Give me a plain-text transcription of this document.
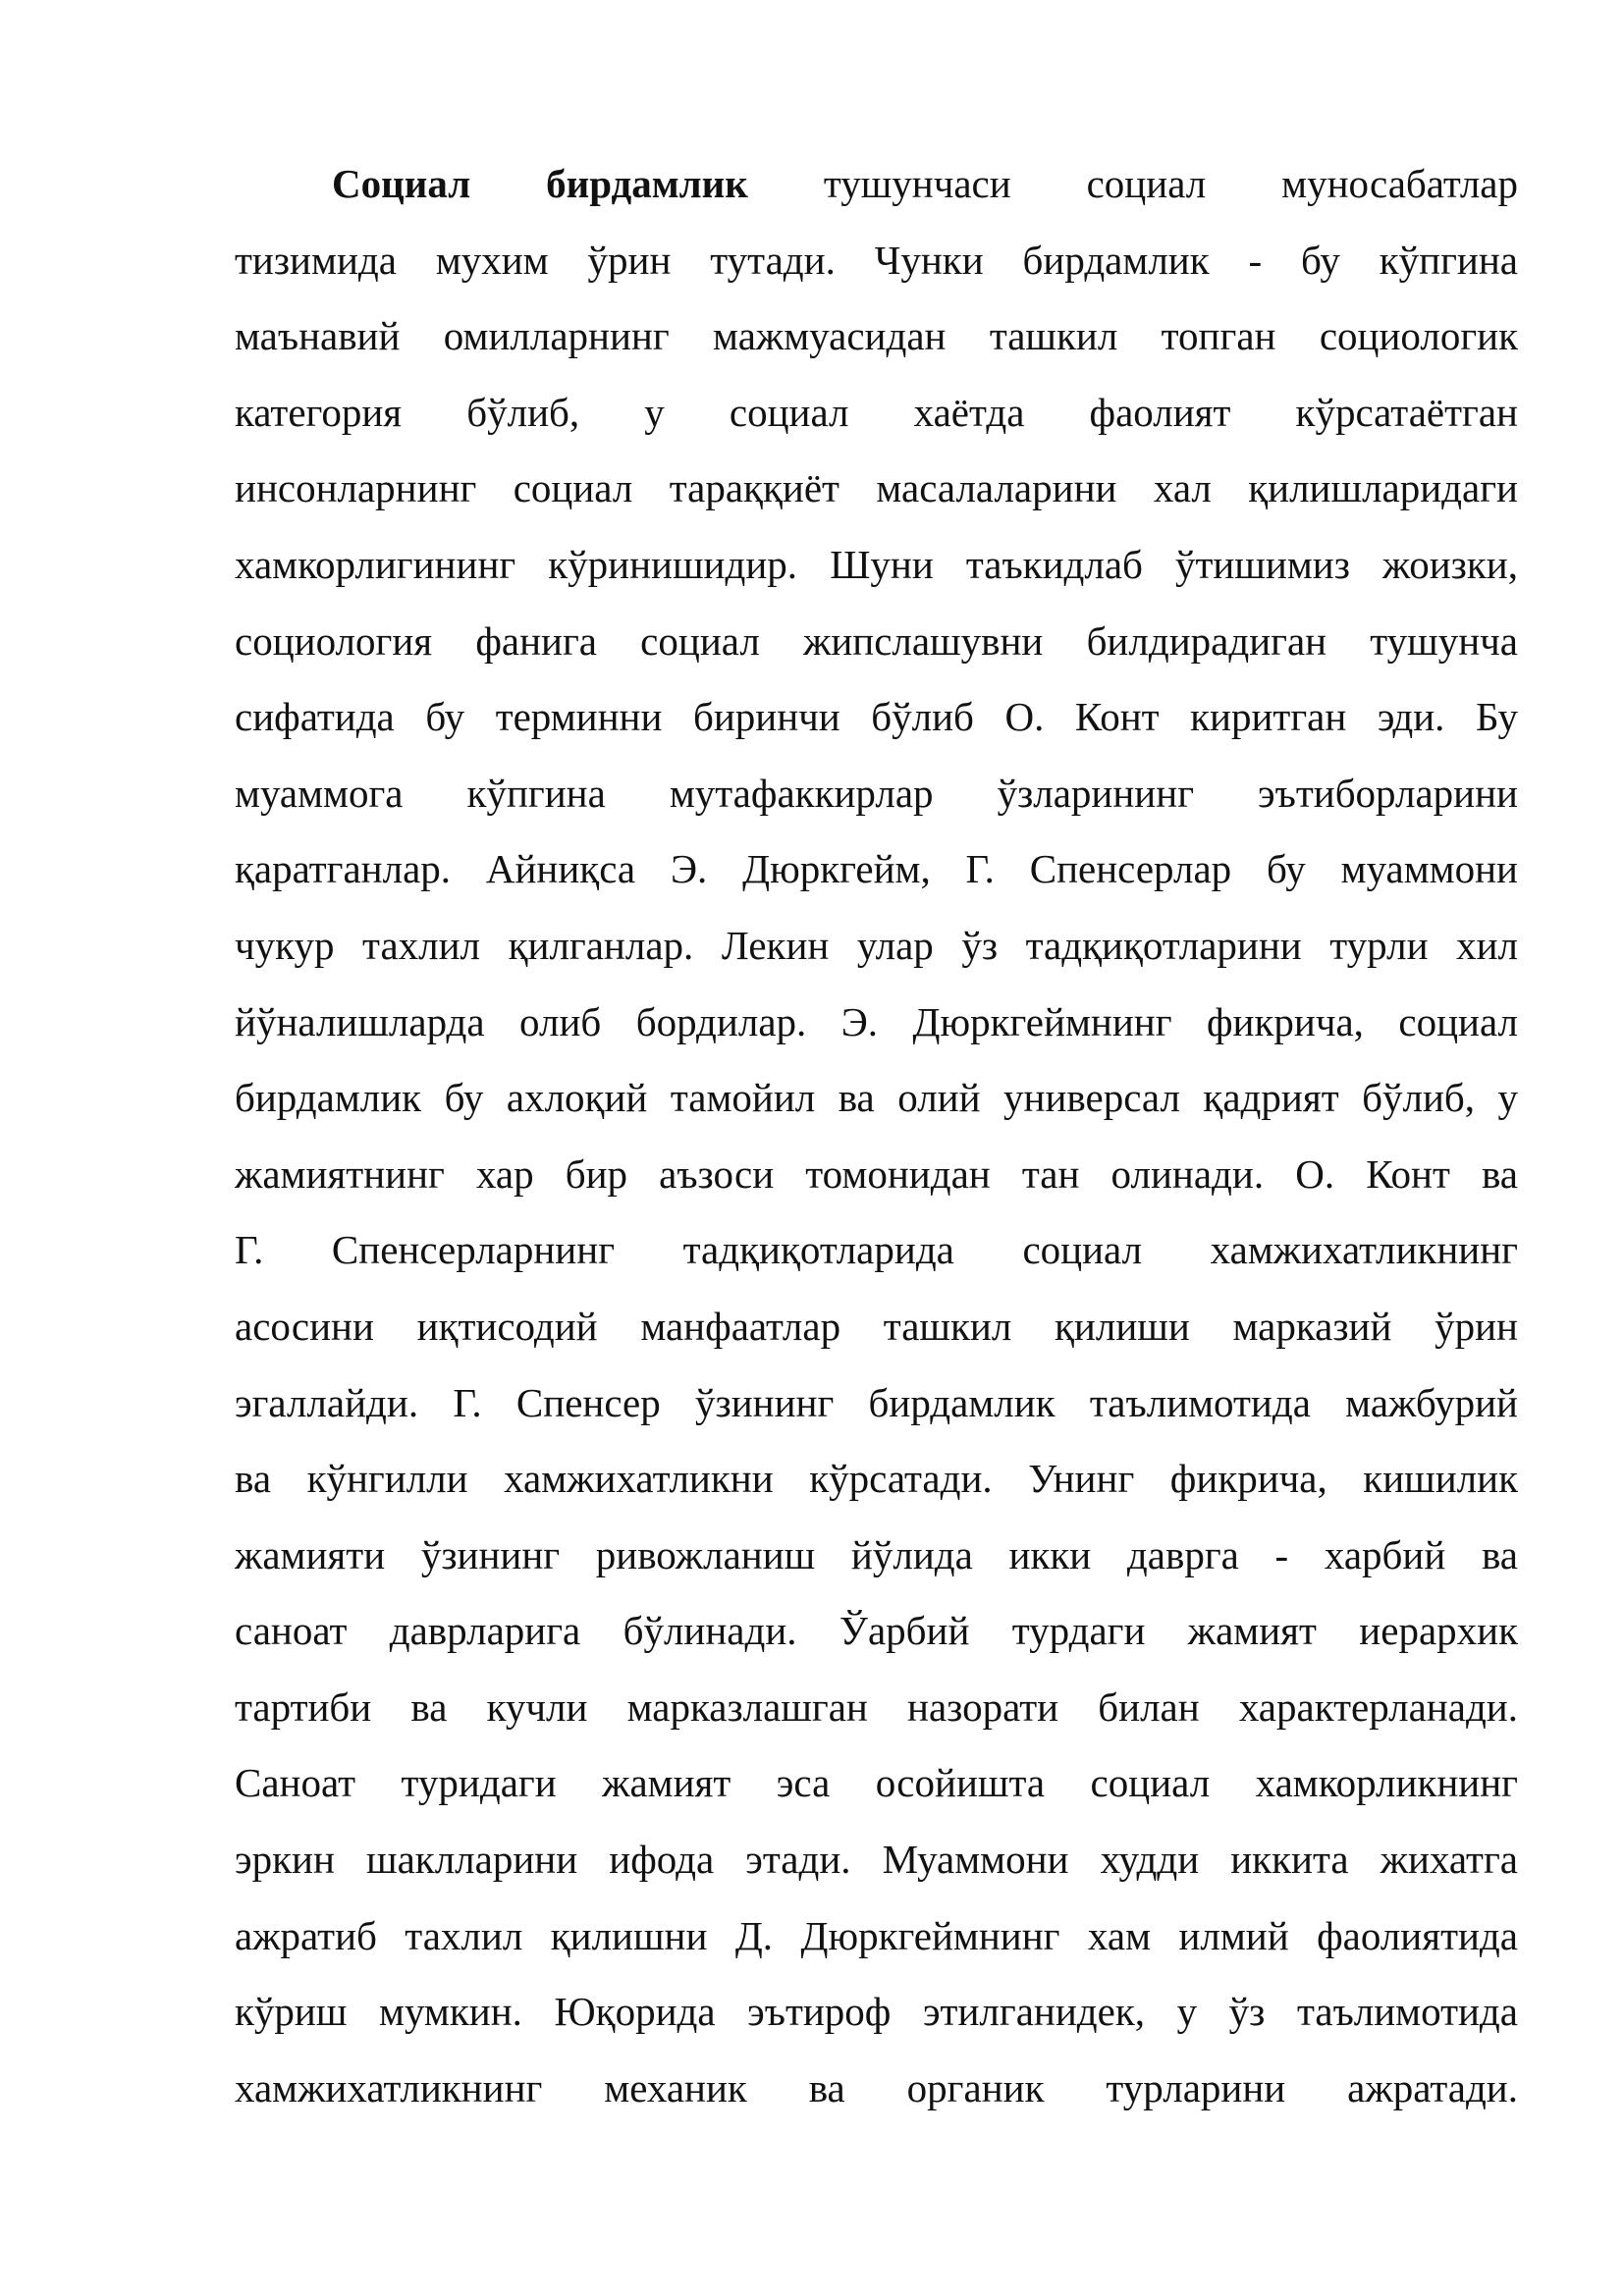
Социал бирдамлик тушунчаси социал муносабатлар
тизимида мухим ўрин тутади. Чунки бирдамлик - бу кўпгина
маънавий омилларнинг мажмуасидан ташкил топган социологик
категория бўлиб, у социал хаётда фаолият кўрсатаётган
инсонларнинг социал тараққиёт масалаларини хал қилишларидаги
хамкорлигининг кўринишидир. Шуни таъкидлаб ўтишимиз жоизки,
социология фанига социал жипслашувни билдирадиган тушунча
сифатида бу терминни биринчи бўлиб О. Конт киритган эди. Бу
муаммога кўпгина мутафаккирлар ўзларининг эътиборларини
қаратганлар. Айниқса Э. Дюркгейм, Г. Спенсерлар бу муаммони
чукур тахлил қилганлар. Лекин улар ўз тадқиқотларини турли хил
йўналишларда олиб бордилар. Э. Дюркгеймнинг фикрича, социал
бирдамлик бу ахлоқий тамойил ва олий универсал қадрият бўлиб, у
жамиятнинг хар бир аъзоси томонидан тан олинади. О. Конт ва
Г. Спенсерларнинг тадқиқотларида социал хамжихатликнинг
асосини иқтисодий манфаатлар ташкил қилиши марказий ўрин
эгаллайди. Г. Спенсер ўзининг бирдамлик таълимотида мажбурий
ва кўнгилли хамжихатликни кўрсатади. Унинг фикрича, кишилик
жамияти ўзининг ривожланиш йўлида икки даврга - харбий ва
саноат даврларига бўлинади. Ўарбий турдаги жамият иерархик
тартиби ва кучли марказлашган назорати билан характерланади.
Саноат туридаги жамият эса осойишта социал хамкорликнинг
эркин шаклларини ифода этади. Муаммони худди иккита жихатга
ажратиб тахлил қилишни Д. Дюркгеймнинг хам илмий фаолиятида
кўриш мумкин. Юқорида эътироф этилганидек, у ўз таълимотида
хамжихатликнинг механик ва органик турларини ажратади.
